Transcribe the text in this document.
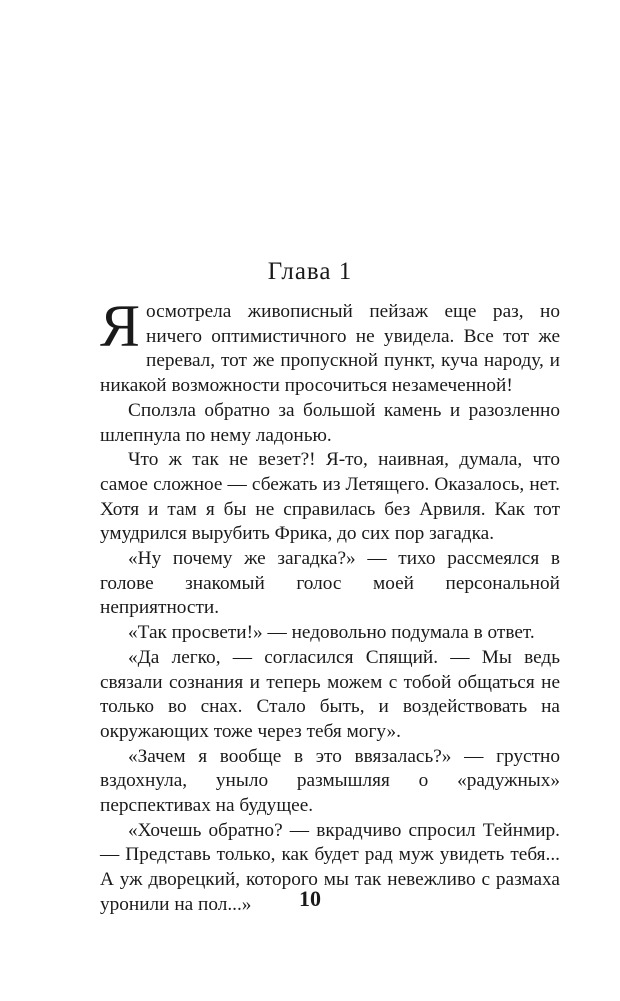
Глава 1

Я осмотрела живописный пейзаж еще раз, но ничего оптимистичного не увидела. Все тот же перевал, тот же пропускной пункт, куча народу, и никакой возможности просочиться незамеченной!

Сползла обратно за большой камень и разозленно шлепнула по нему ладонью.

Что ж так не везет?! Я-то, наивная, думала, что самое сложное — сбежать из Летящего. Оказалось, нет. Хотя и там я бы не справилась без Арвиля. Как тот умудрился вырубить Фрика, до сих пор загадка.

«Ну почему же загадка?» — тихо рассмеялся в голове знакомый голос моей персональной неприятности.

«Так просвети!» — недовольно подумала в ответ.

«Да легко, — согласился Спящий. — Мы ведь связали сознания и теперь можем с тобой общаться не только во снах. Стало быть, и воздействовать на окружающих тоже через тебя могу».

«Зачем я вообще в это ввязалась?» — грустно вздохнула, уныло размышляя о «радужных» перспективах на будущее.

«Хочешь обратно? — вкрадчиво спросил Тейнмир. — Представь только, как будет рад муж увидеть тебя... А уж дворецкий, которого мы так невежливо с размаха уронили на пол...»	10
